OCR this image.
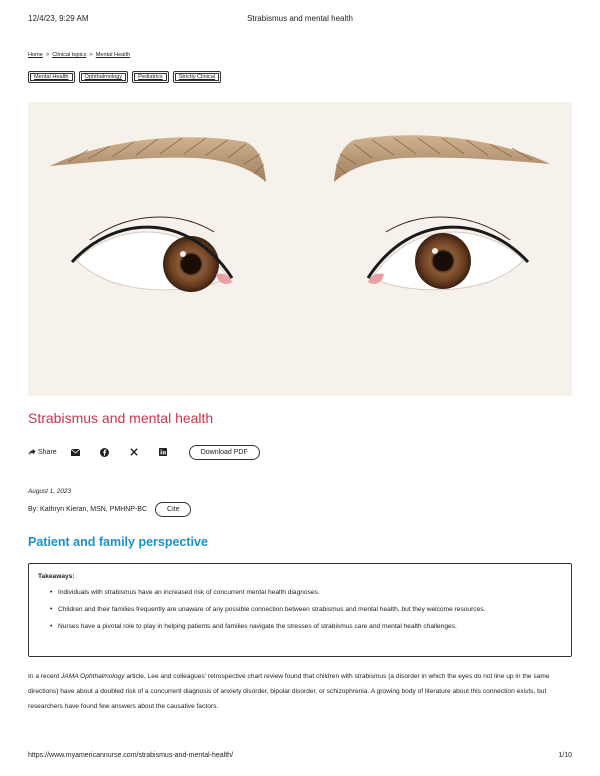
12/4/23, 9:29 AM	Strabismus and mental health
Home > Clinical topics > Mental Health
Mental Health	Ophthalmology	Pediatrics	Strictly Clinical
Strabismus and mental health
Share	Download PDF
August 1, 2023
By: Kathryn Kieran, MSN, PMHNP-BC	Cite
Patient and family perspective
Takeaways:
• Individuals with strabismus have an increased risk of concurrent mental health diagnoses.
• Children and their families frequently are unaware of any possible connection between strabismus and mental health, but they welcome resources.
• Nurses have a pivotal role to play in helping patients and families navigate the stresses of strabismus care and mental health challenges.

In a recent JAMA Ophthalmology article, Lee and colleagues' retrospective chart review found that children with strabismus (a disorder in which the eyes do not line up in the same directions) have about a doubled risk of a concurrent diagnosis of anxiety disorder, bipolar disorder, or schizophrenia. A growing body of literature about this connection exists, but researchers have found few answers about the causative factors.

https://www.myamericannurse.com/strabismus-and-mental-health/	1/10
